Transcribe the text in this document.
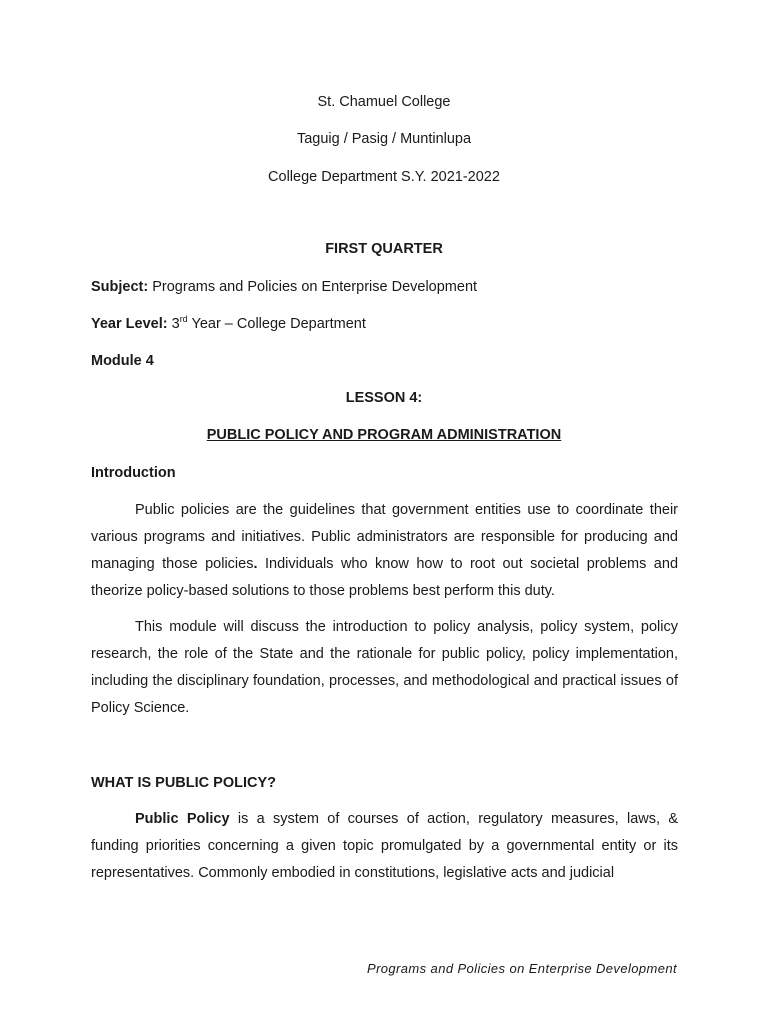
St. Chamuel College
Taguig / Pasig / Muntinlupa
College Department S.Y. 2021-2022
FIRST QUARTER
Subject: Programs and Policies on Enterprise Development
Year Level: 3rd Year – College Department
Module 4
LESSON 4:
PUBLIC POLICY AND PROGRAM ADMINISTRATION
Introduction
Public policies are the guidelines that government entities use to coordinate their various programs and initiatives. Public administrators are responsible for producing and managing those policies. Individuals who know how to root out societal problems and theorize policy-based solutions to those problems best perform this duty.
This module will discuss the introduction to policy analysis, policy system, policy research, the role of the State and the rationale for public policy, policy implementation, including the disciplinary foundation, processes, and methodological and practical issues of Policy Science.
WHAT IS PUBLIC POLICY?
Public Policy is a system of courses of action, regulatory measures, laws, & funding priorities concerning a given topic promulgated by a governmental entity or its representatives. Commonly embodied in constitutions, legislative acts and judicial
Programs and Policies on Enterprise Development
